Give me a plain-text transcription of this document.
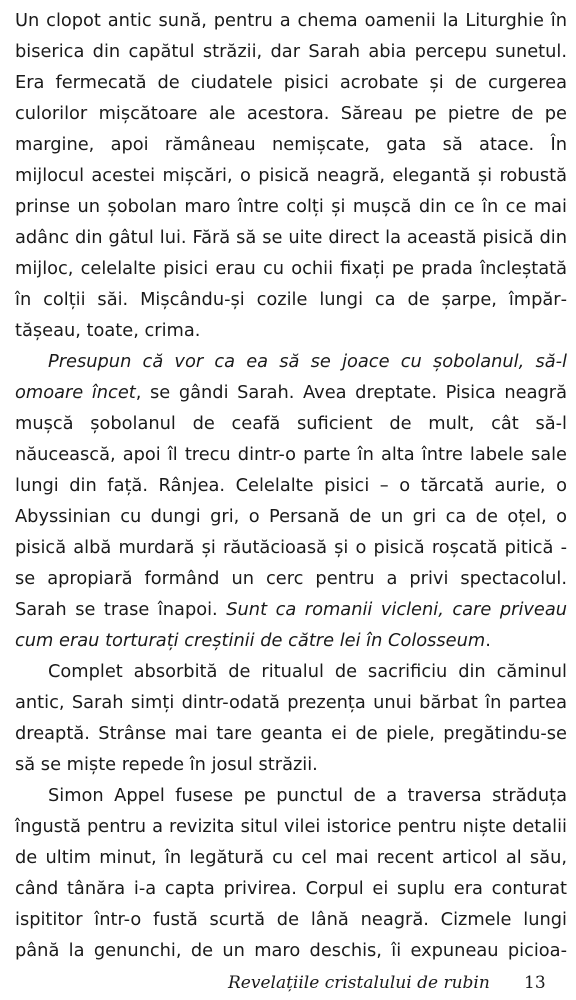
Un clopot antic sună, pentru a chema oamenii la Liturghie în biserica din capătul străzii, dar Sarah abia percepu sunetul. Era fermecată de ciudatele pisici acrobate și de curgerea culorilor mișcătoare ale acestora. Săreau pe pietre de pe margine, apoi rămâneau nemișcate, gata să atace. În mijlocul acestei mișcări, o pisică neagră, elegantă și robustă prinse un șobolan maro între colți și mușcă din ce în ce mai adânc din gâtul lui. Fără să se uite direct la această pisică din mijloc, celelalte pisici erau cu ochii fixați pe prada încleștată în colții săi. Mișcându-și cozile lungi ca de șarpe, împărtășeau, toate, crima.

Presupun că vor ca ea să se joace cu șobolanul, să-l omoare încet, se gândi Sarah. Avea dreptate. Pisica neagră mușcă șobolanul de ceafă suficient de mult, cât să-l năucească, apoi îl trecu dintr-o parte în alta între labele sale lungi din față. Rânjea. Celelalte pisici – o tărcată aurie, o Abyssinian cu dungi gri, o Persană de un gri ca de oțel, o pisică albă murdară și răutăcioasă și o pisică roșcată pitică - se apropiară formând un cerc pentru a privi spectacolul. Sarah se trase înapoi. Sunt ca romanii vicleni, care priveau cum erau torturați creștinii de către lei în Colosseum.

Complet absorbită de ritualul de sacrificiu din căminul antic, Sarah simți dintr-odată prezența unui bărbat în partea dreaptă. Strânse mai tare geanta ei de piele, pregătindu-se să se miște repede în josul străzii.

Simon Appel fusese pe punctul de a traversa străduța îngustă pentru a revizita situl vilei istorice pentru niște detalii de ultim minut, în legătură cu cel mai recent articol al său, când tânăra i-a capta privirea. Corpul ei suplu era conturat ispititor într-o fustă scurtă de lână neagră. Cizmele lungi până la genunchi, de un maro deschis, îi expuneau picioa-

Revelațiile cristalului de rubin 13
